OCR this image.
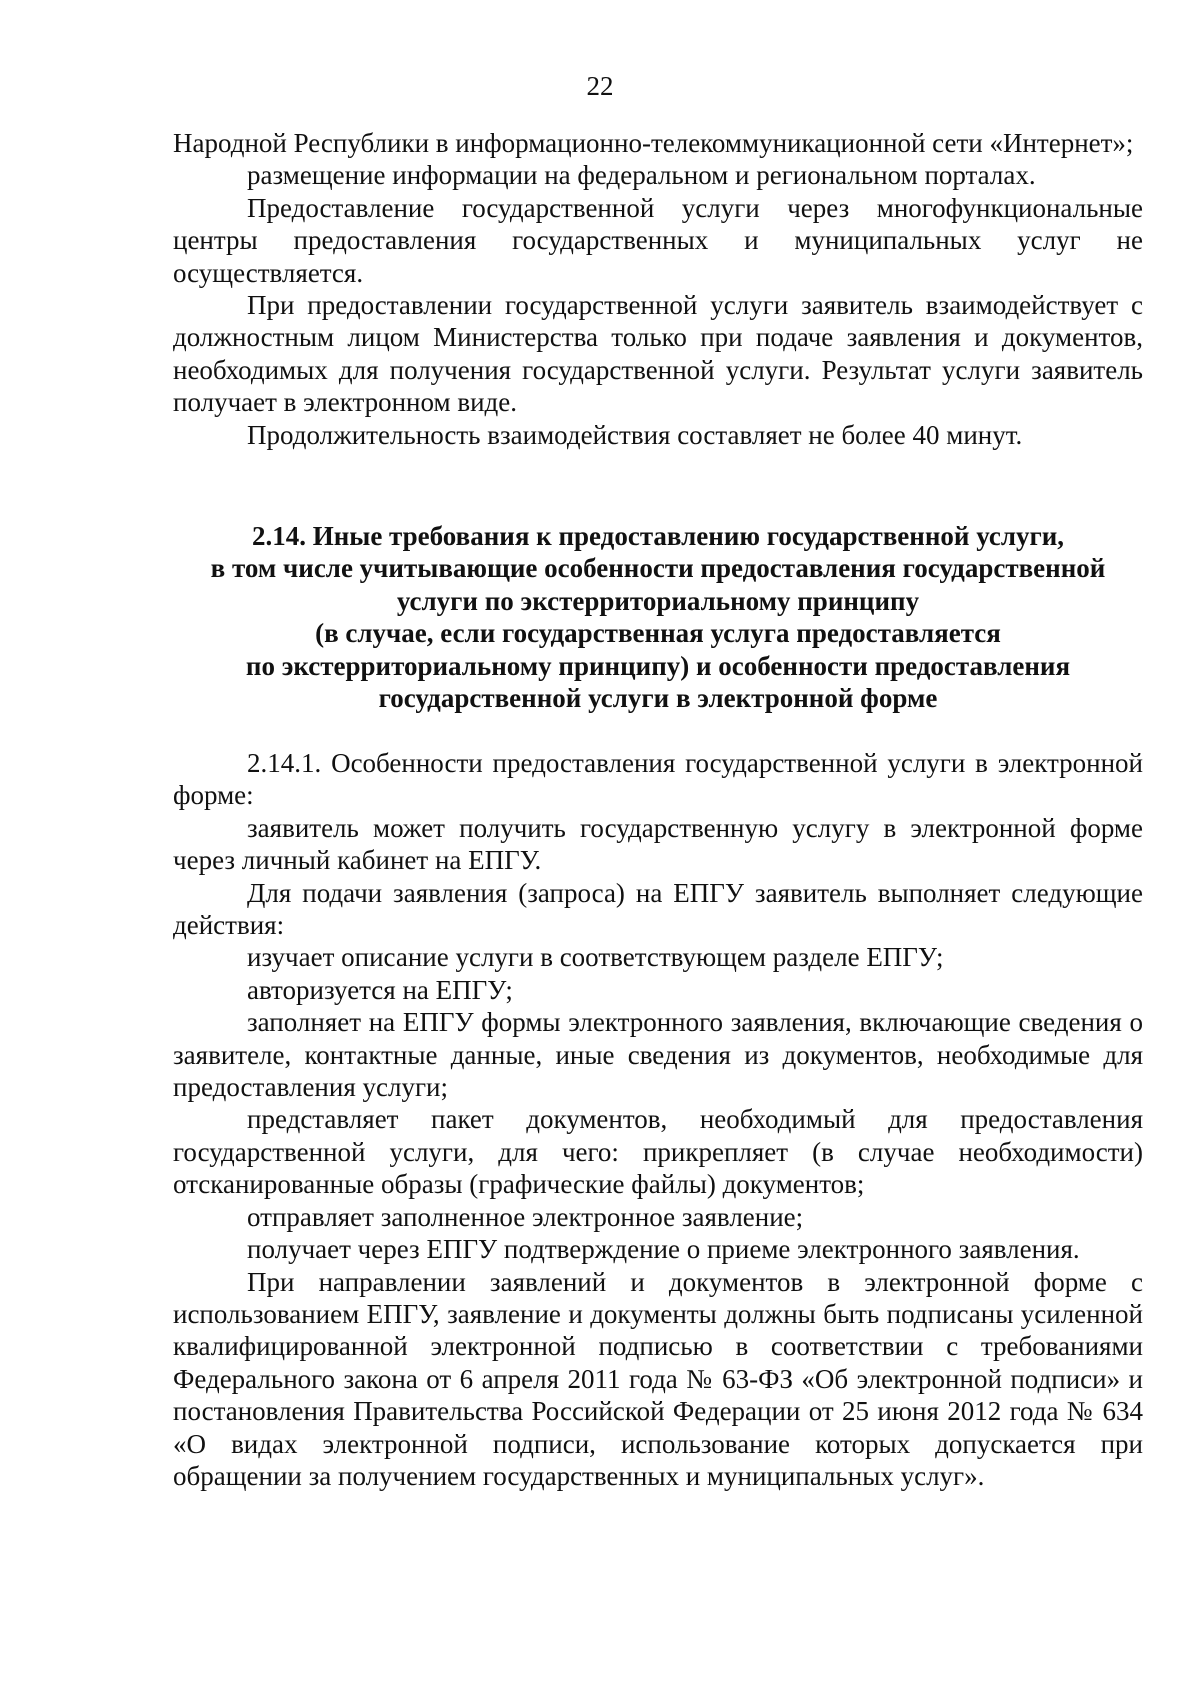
22

Народной Республики в информационно-телекоммуникационной сети «Интернет»;

размещение информации на федеральном и региональном порталах.

Предоставление государственной услуги через многофункциональные центры предоставления государственных и муниципальных услуг не осуществляется.

При предоставлении государственной услуги заявитель взаимодействует с должностным лицом Министерства только при подаче заявления и документов, необходимых для получения государственной услуги. Результат услуги заявитель получает в электронном виде.

Продолжительность взаимодействия составляет не более 40 минут.

2.14. Иные требования к предоставлению государственной услуги,
в том числе учитывающие особенности предоставления государственной
услуги по экстерриториальному принципу
(в случае, если государственная услуга предоставляется
по экстерриториальному принципу) и особенности предоставления
государственной услуги в электронной форме

2.14.1. Особенности предоставления государственной услуги в электронной форме:

заявитель может получить государственную услугу в электронной форме через личный кабинет на ЕПГУ.

Для подачи заявления (запроса) на ЕПГУ заявитель выполняет следующие действия:

изучает описание услуги в соответствующем разделе ЕПГУ;

авторизуется на ЕПГУ;

заполняет на ЕПГУ формы электронного заявления, включающие сведения о заявителе, контактные данные, иные сведения из документов, необходимые для предоставления услуги;

представляет пакет документов, необходимый для предоставления государственной услуги, для чего: прикрепляет (в случае необходимости) отсканированные образы (графические файлы) документов;

отправляет заполненное электронное заявление;

получает через ЕПГУ подтверждение о приеме электронного заявления.

При направлении заявлений и документов в электронной форме с использованием ЕПГУ, заявление и документы должны быть подписаны усиленной квалифицированной электронной подписью в соответствии с требованиями Федерального закона от 6 апреля 2011 года № 63-ФЗ «Об электронной подписи» и постановления Правительства Российской Федерации от 25 июня 2012 года № 634 «О видах электронной подписи, использование которых допускается при обращении за получением государственных и муниципальных услуг».
